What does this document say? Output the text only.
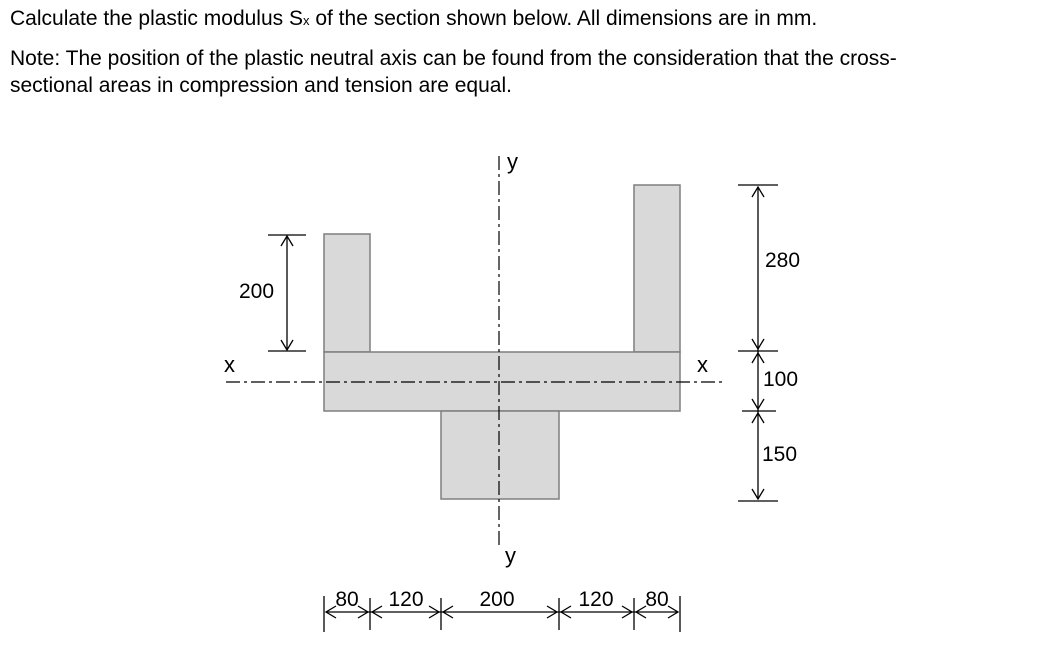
Calculate the plastic modulus Sx of the section shown below. All dimensions are in mm.
Note: The position of the plastic neutral axis can be found from the consideration that the cross-
sectional areas in compression and tension are equal.
y
y
x	x
200
280
100
150
80 120	200	120 80
